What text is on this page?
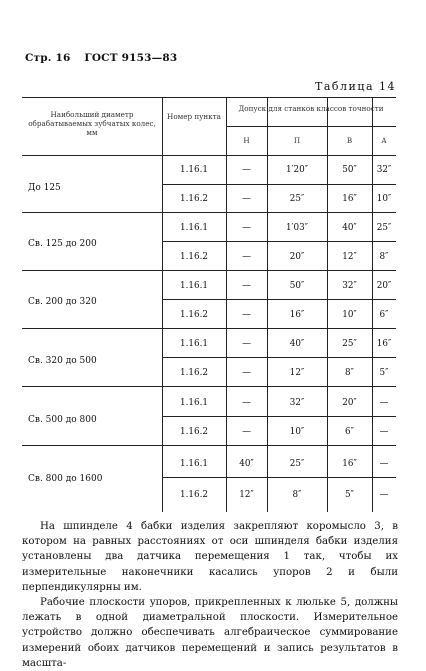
Стр. 16 ГОСТ 9153—83
Таблица 14
Наибольший диаметр обрабатываемых зубчатых колес, мм
Номер пункта
Допуск для станков классов точности
Н	П	В	А
До 125
1.16.1	—	1′20″	50″	32″
1.16.2	—	25″	16″	10″
Св. 125 до 200
1.16.1	—	1′03″	40″	25″
1.16.2	—	20″	12″	8″
Св. 200 до 320
1.16.1	—	50″	32″	20″
1.16.2	—	16″	10″	6″
Св. 320 до 500
1.16.1	—	40″	25″	16″
1.16.2	—	12″	8″	5″
Св. 500 до 800
1.16.1	—	32″	20″	—
1.16.2	—	10″	6″	—
Св. 800 до 1600
1.16.1	40″	25″	16″	—
1.16.2	12″	8″	5″	—

На шпинделе 4 бабки изделия закрепляют коромысло 3, в котором на равных расстояниях от оси шпинделя бабки изделия установлены два датчика перемещения 1 так, чтобы их измерительные наконечники касались упоров 2 и были перпендикулярны им.

Рабочие плоскости упоров, прикрепленных к люльке 5, должны лежать в одной диаметральной плоскости. Измерительное устройство должно обеспечивать алгебраическое суммирование измерений обоих датчиков перемещений и запись результатов в масшта-
